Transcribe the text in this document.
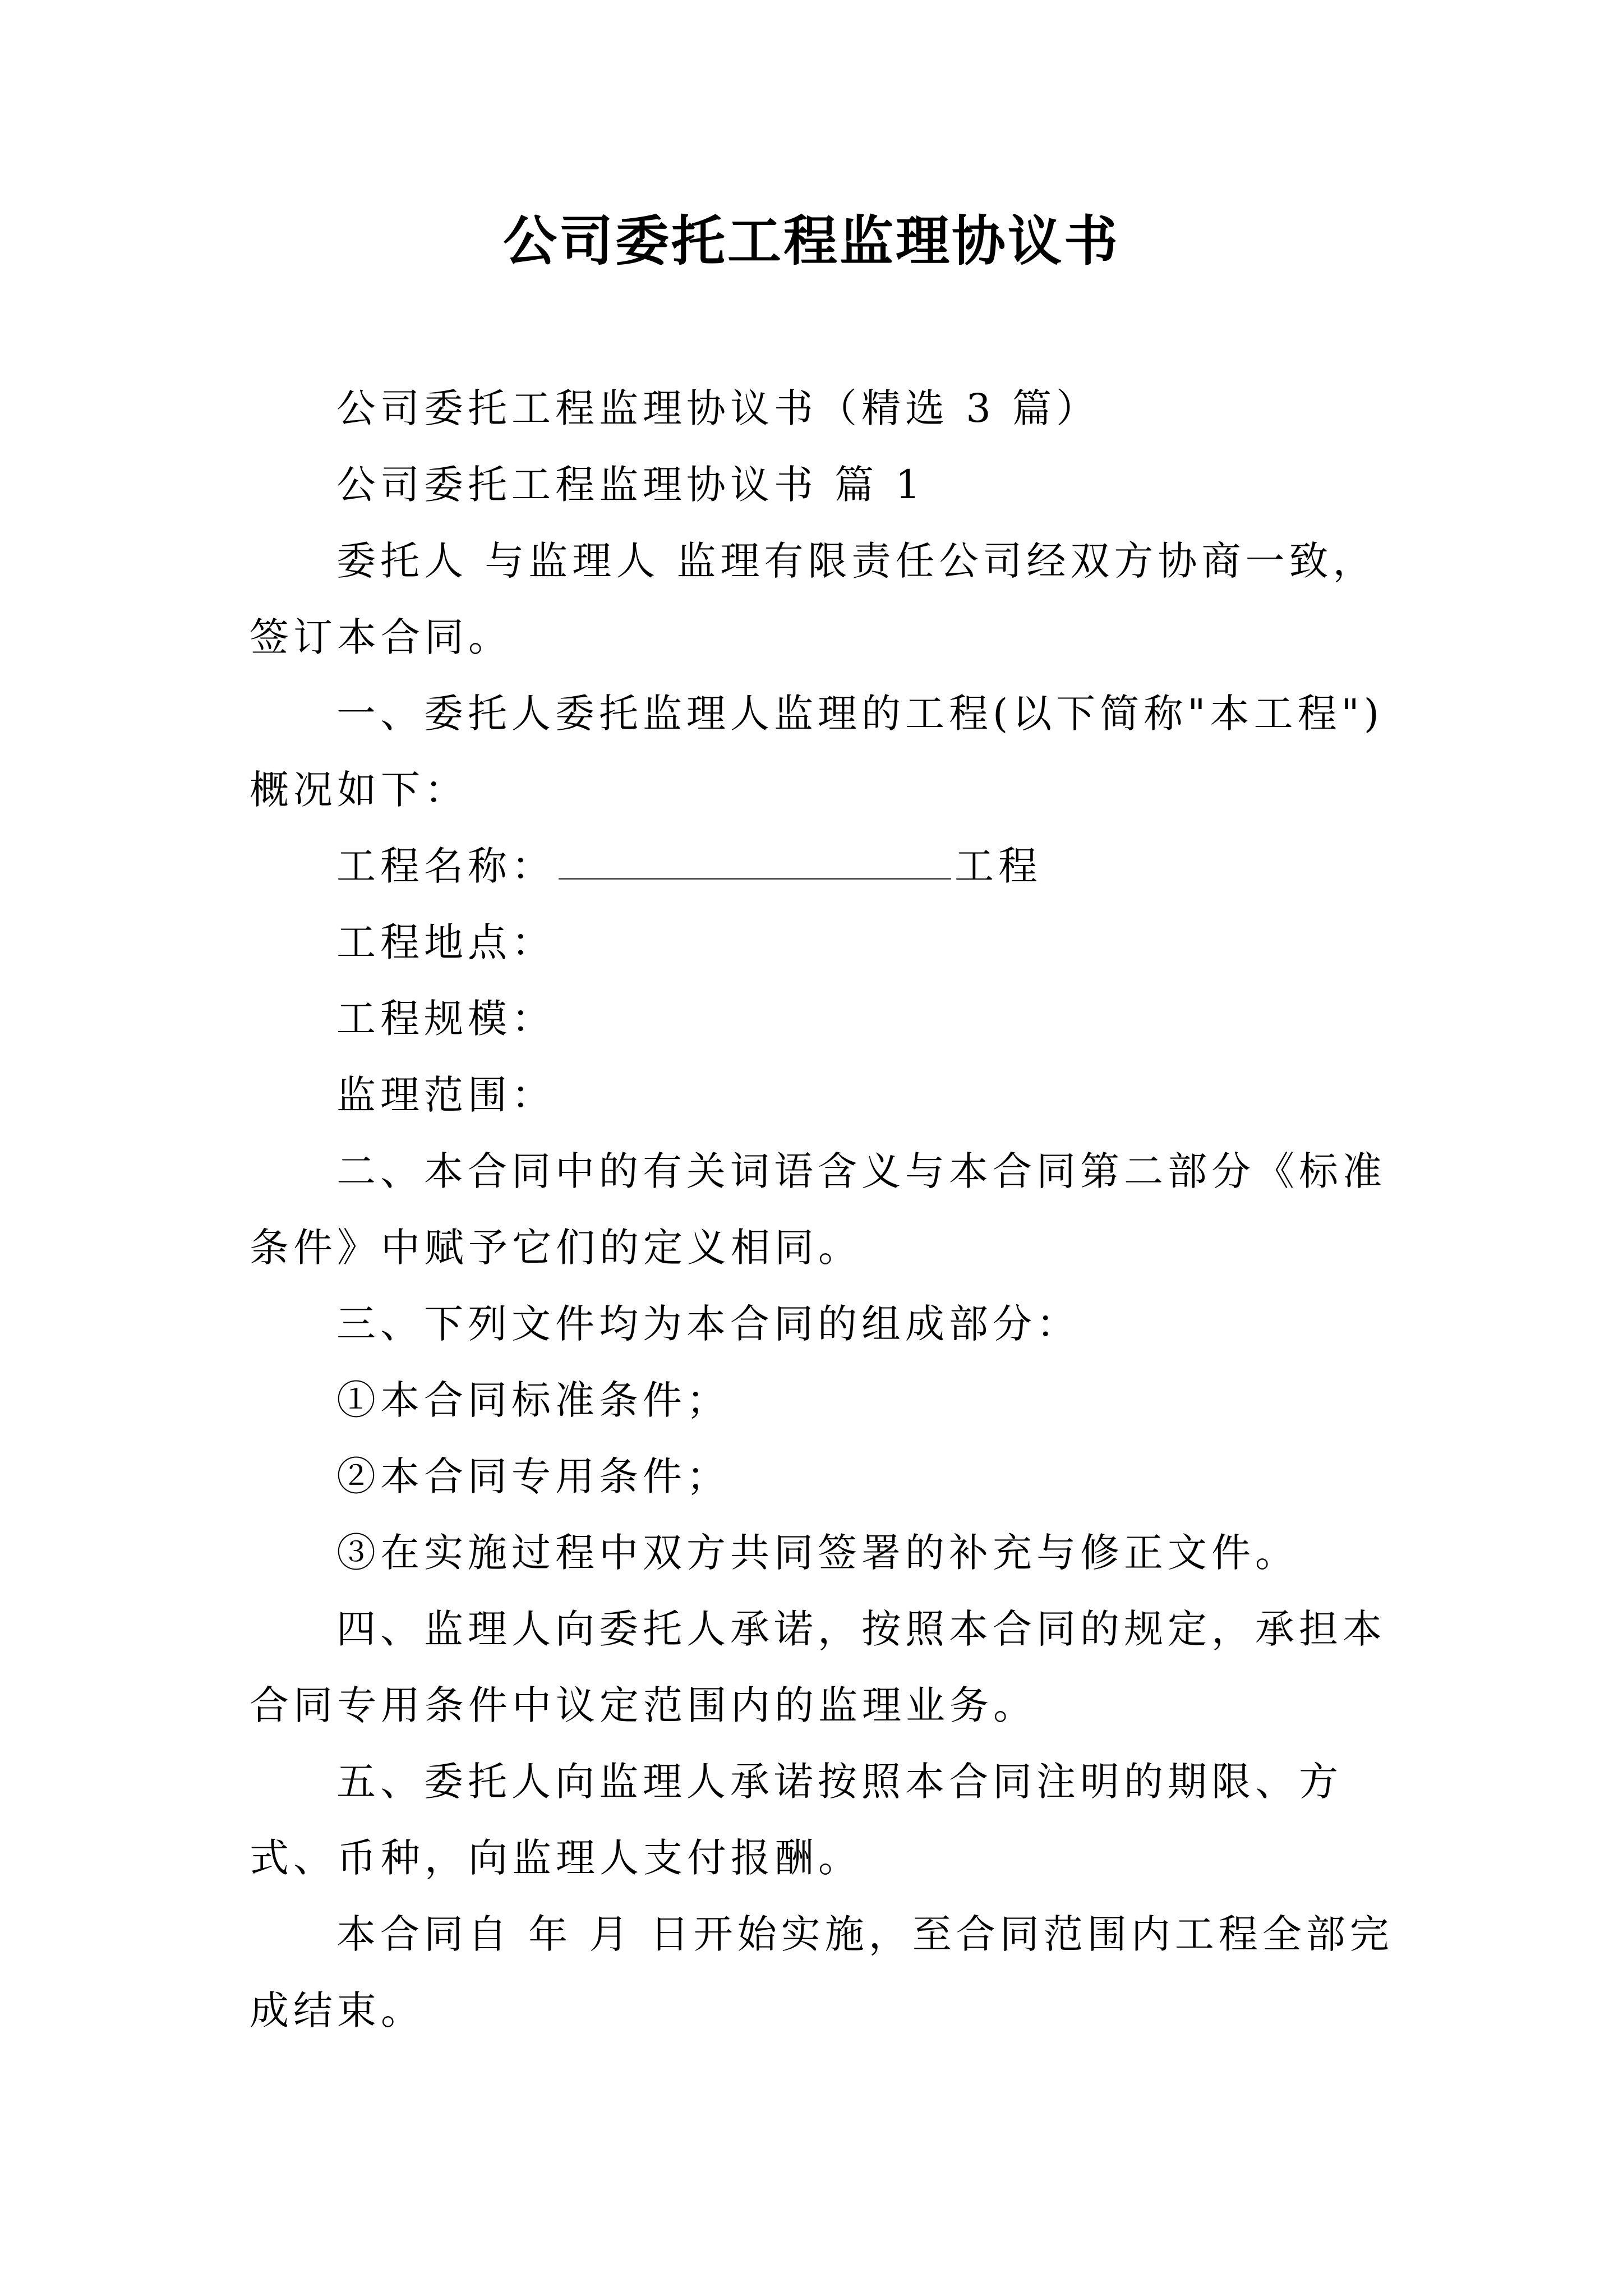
公司委托工程监理协议书

公司委托工程监理协议书（精选 3 篇）

公司委托工程监理协议书 篇 1

委托人 与监理人 监理有限责任公司经双方协商一致，签订本合同。

一、委托人委托监理人监理的工程(以下简称"本工程")概况如下：

工程名称：	工程

工程地点：

工程规模：

监理范围：

二、本合同中的有关词语含义与本合同第二部分《标准条件》中赋予它们的定义相同。

三、下列文件均为本合同的组成部分：

①本合同标准条件；

②本合同专用条件；

③在实施过程中双方共同签署的补充与修正文件。

四、监理人向委托人承诺，按照本合同的规定，承担本合同专用条件中议定范围内的监理业务。

五、委托人向监理人承诺按照本合同注明的期限、方式、币种，向监理人支付报酬。

本合同自 年 月 日开始实施，至合同范围内工程全部完成结束。
